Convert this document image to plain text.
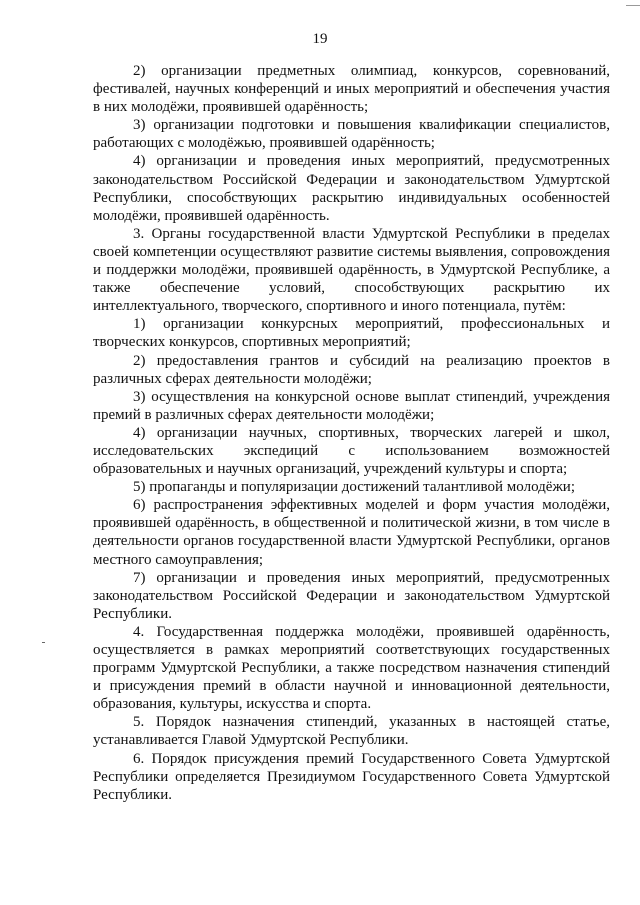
19

2) организации предметных олимпиад, конкурсов, соревнований, фестивалей, научных конференций и иных мероприятий и обеспечения участия в них молодёжи, проявившей одарённость;

3) организации подготовки и повышения квалификации специалистов, работающих с молодёжью, проявившей одарённость;

4) организации и проведения иных мероприятий, предусмотренных законодательством Российской Федерации и законодательством Удмуртской Республики, способствующих раскрытию индивидуальных особенностей молодёжи, проявившей одарённость.

3. Органы государственной власти Удмуртской Республики в пределах своей компетенции осуществляют развитие системы выявления, сопровождения и поддержки молодёжи, проявившей одарённость, в Удмуртской Республике, а также обеспечение условий, способствующих раскрытию их интеллектуального, творческого, спортивного и иного потенциала, путём:

1) организации конкурсных мероприятий, профессиональных и творческих конкурсов, спортивных мероприятий;

2) предоставления грантов и субсидий на реализацию проектов в различных сферах деятельности молодёжи;

3) осуществления на конкурсной основе выплат стипендий, учреждения премий в различных сферах деятельности молодёжи;

4) организации научных, спортивных, творческих лагерей и школ, исследовательских экспедиций с использованием возможностей образовательных и научных организаций, учреждений культуры и спорта;

5) пропаганды и популяризации достижений талантливой молодёжи;

6) распространения эффективных моделей и форм участия молодёжи, проявившей одарённость, в общественной и политической жизни, в том числе в деятельности органов государственной власти Удмуртской Республики, органов местного самоуправления;

7) организации и проведения иных мероприятий, предусмотренных законодательством Российской Федерации и законодательством Удмуртской Республики.

4. Государственная поддержка молодёжи, проявившей одарённость, осуществляется в рамках мероприятий соответствующих государственных программ Удмуртской Республики, а также посредством назначения стипендий и присуждения премий в области научной и инновационной деятельности, образования, культуры, искусства и спорта.

5. Порядок назначения стипендий, указанных в настоящей статье, устанавливается Главой Удмуртской Республики.

6. Порядок присуждения премий Государственного Совета Удмуртской Республики определяется Президиумом Государственного Совета Удмуртской Республики.
